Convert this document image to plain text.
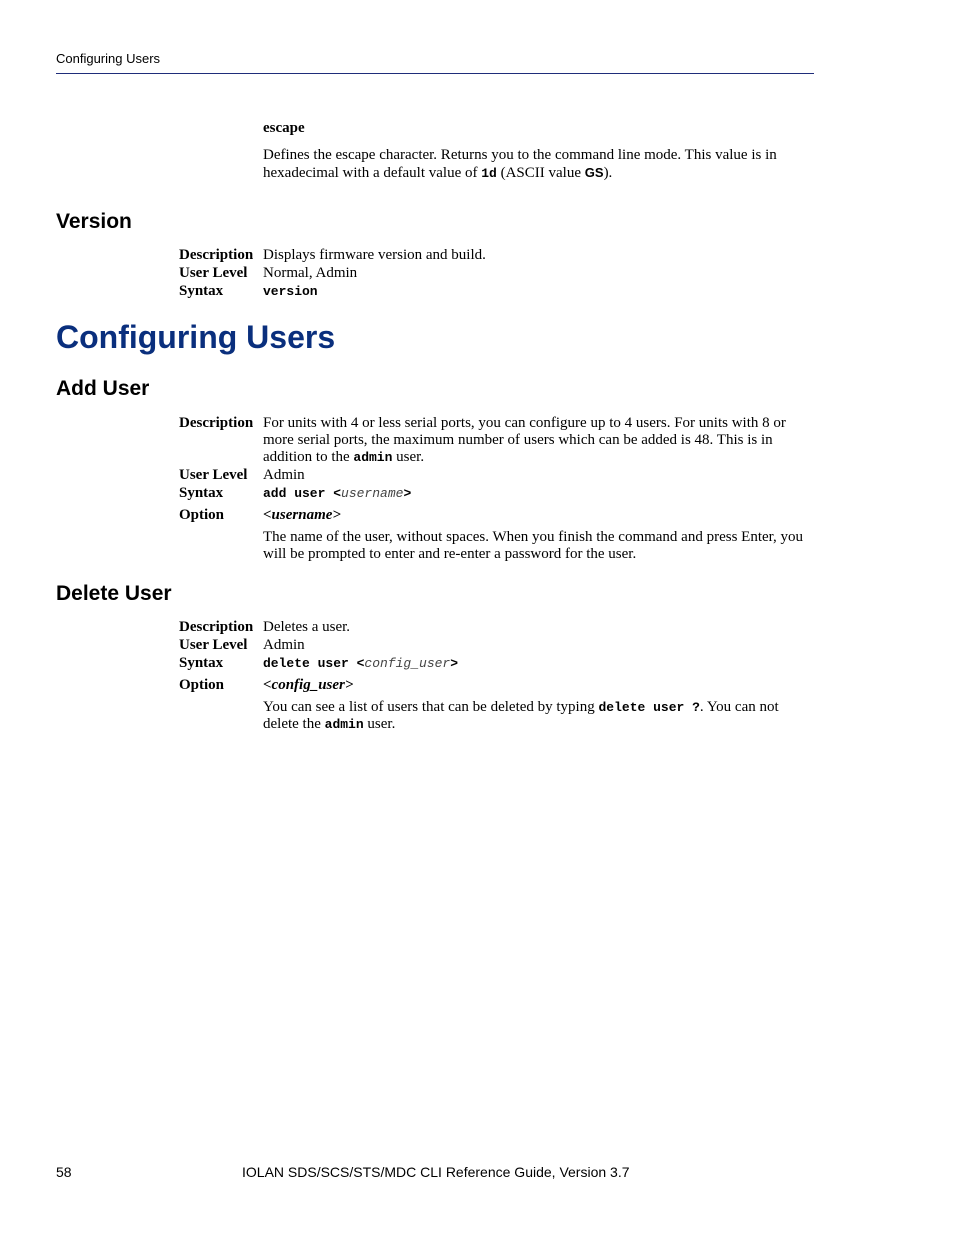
Configuring Users
escape
Defines the escape character. Returns you to the command line mode. This value is in hexadecimal with a default value of 1d (ASCII value GS).
Version
Description Displays firmware version and build.
User Level	Normal, Admin
Syntax	version
Configuring Users
Add User
Description For units with 4 or less serial ports, you can configure up to 4 users. For units with 8 or more serial ports, the maximum number of users which can be added is 48. This is in addition to the admin user.
User Level	Admin
Syntax	add user <username>
Option	<username>
The name of the user, without spaces. When you finish the command and press Enter, you will be prompted to enter and re-enter a password for the user.
Delete User
Description Deletes a user.
User Level	Admin
Syntax	delete user <config_user>
Option	<config_user>
You can see a list of users that can be deleted by typing delete user ?. You can not delete the admin user.
58	IOLAN SDS/SCS/STS/MDC CLI Reference Guide, Version 3.7
